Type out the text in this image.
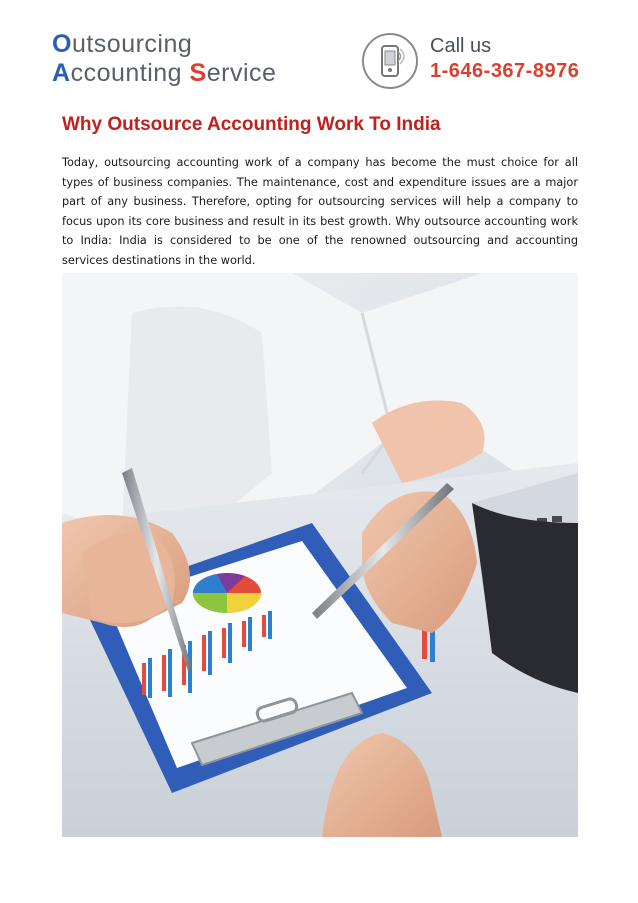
Outsourcing
Accounting Service
Call us
1-646-367-8976
Why Outsource Accounting Work To India

Today, outsourcing accounting work of a company has become the must choice for all types of business companies. The maintenance, cost and expenditure issues are a major part of any business. Therefore, opting for outsourcing services will help a company to focus upon its core business and result in its best growth. Why outsource accounting work to India: India is considered to be one of the renowned outsourcing and accounting services destinations in the world.
